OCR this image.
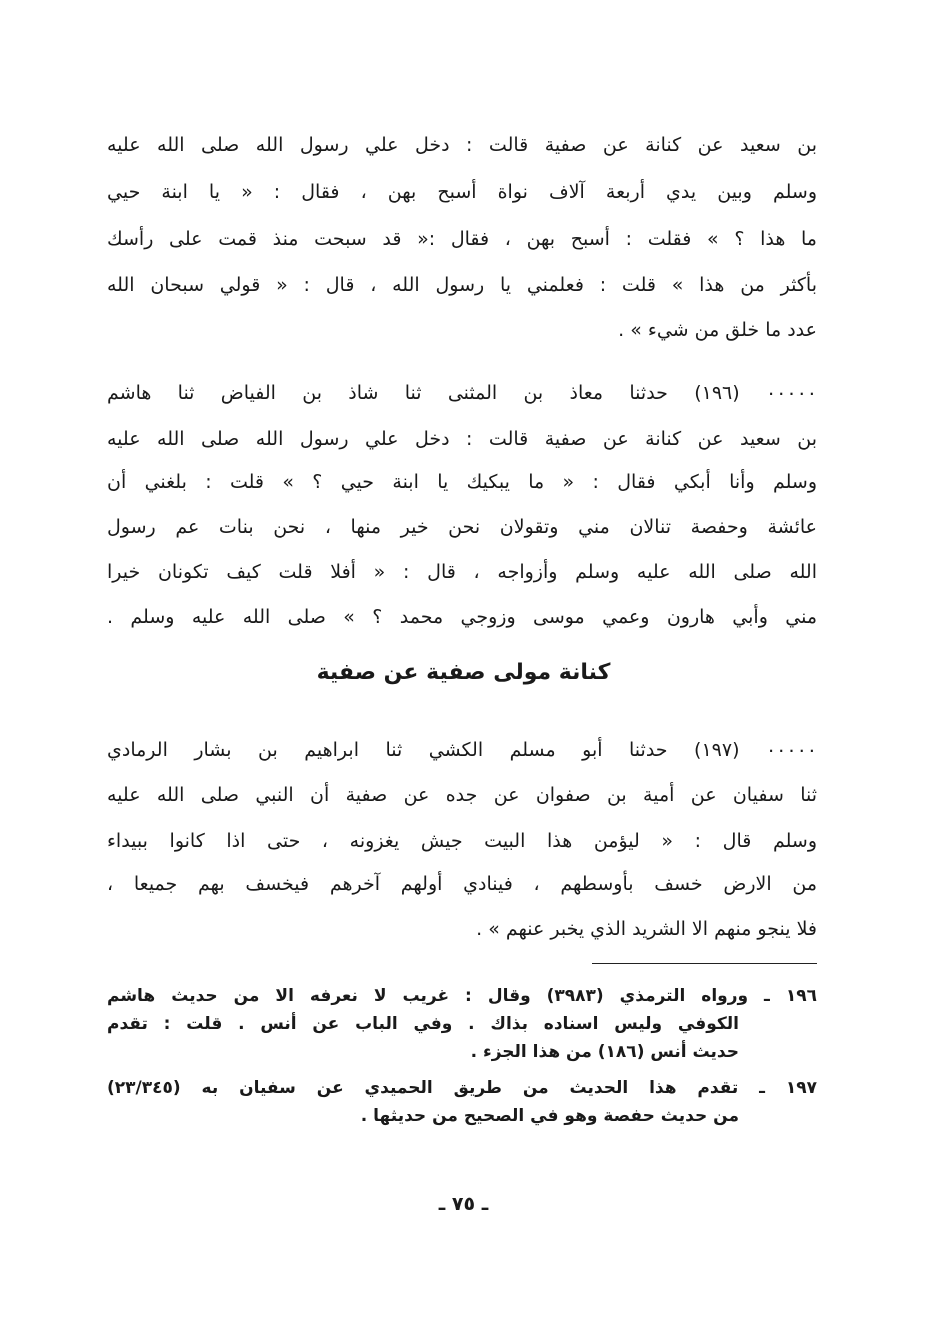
بن سعيد عن كنانة عن صفية قالت : دخل علي رسول الله صلى الله عليه
وسلم وبين يدي أربعة آلاف نواة أسبح بهن ، فقال : « يا ابنة حيي
ما هذا ؟ » فقلت : أسبح بهن ، فقال :« قد سبحت منذ قمت على رأسك
بأكثر من هذا » قلت : فعلمني يا رسول الله ، قال : « قولي سبحان الله
عدد ما خلق من شيء » .
٠٠٠٠٠ (١٩٦) حدثنا معاذ بن المثنى ثنا شاذ بن الفياض ثنا هاشم
بن سعيد عن كنانة عن صفية قالت : دخل علي رسول الله صلى الله عليه
وسلم وأنا أبكي فقال : « ما يبكيك يا ابنة حيي ؟ » قلت : بلغني أن
عائشة وحفصة تنالان مني وتقولان نحن خير منها ، نحن بنات عم رسول
الله صلى الله عليه وسلم وأزواجه ، قال : « أفلا قلت كيف تكونان خيرا
مني وأبي هارون وعمي موسى وزوجي محمد ؟ » صلى الله عليه وسلم .
كنانة مولى صفية عن صفية
٠٠٠٠٠ (١٩٧) حدثنا أبو مسلم الكشي ثنا ابراهيم بن بشار الرمادي
ثنا سفيان عن أمية بن صفوان عن جده عن صفية أن النبي صلى الله عليه
وسلم قال : « ليؤمن هذا البيت جيش يغزونه ، حتى اذا كانوا ببيداء
من الارض خسف بأوسطهم ، فينادي أولهم آخرهم فيخسف بهم جميعا ،
فلا ينجو منهم الا الشريد الذي يخبر عنهم » .
١٩٦ ـ ورواه الترمذي (٣٩٨٣) وقال : غريب لا نعرفه الا من حديث هاشم
الكوفي وليس اسناده بذاك . وفي الباب عن أنس . قلت : تقدم
حديث أنس (١٨٦) من هذا الجزء .
١٩٧ ـ تقدم هذا الحديث من طريق الحميدي عن سفيان به (٢٣/٣٤٥)
من حديث حفصة وهو في الصحيح من حديثها .
ـ ٧٥ ـ
